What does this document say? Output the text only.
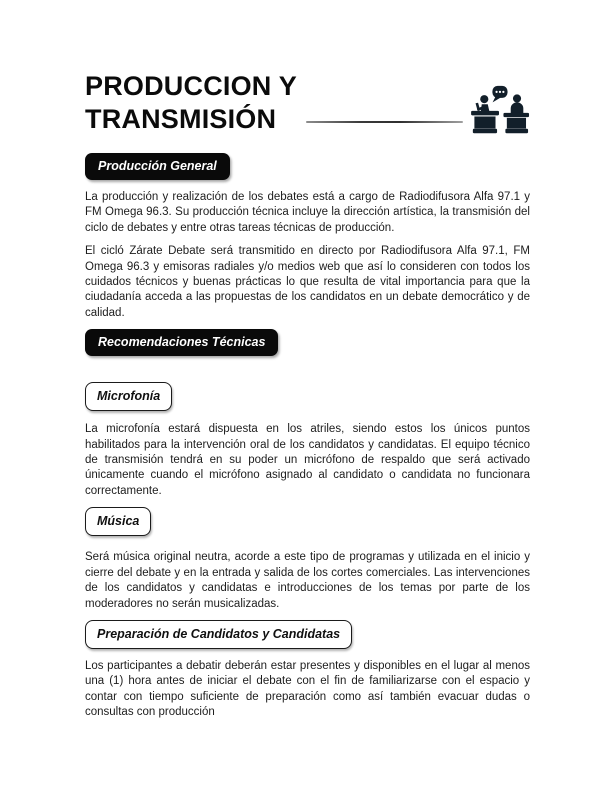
PRODUCCION Y
TRANSMISIÓN
Producción General

La producción y realización de los debates está a cargo de Radiodifusora Alfa 97.1 y FM Omega 96.3. Su producción técnica incluye la dirección artística, la transmisión del ciclo de debates y entre otras tareas técnicas de producción.

El cicló Zárate Debate será transmitido en directo por Radiodifusora Alfa 97.1, FM Omega 96.3 y emisoras radiales y/o medios web que así lo consideren con todos los cuidados técnicos y buenas prácticas lo que resulta de vital importancia para que la ciudadanía acceda a las propuestas de los candidatos en un debate democrático y de calidad.

Recomendaciones Técnicas
Microfonía

La microfonía estará dispuesta en los atriles, siendo estos los únicos puntos habilitados para la intervención oral de los candidatos y candidatas. El equipo técnico de transmisión tendrá en su poder un micrófono de respaldo que será activado únicamente cuando el micrófono asignado al candidato o candidata no funcionara correctamente.

Música

Será música original neutra, acorde a este tipo de programas y utilizada en el inicio y cierre del debate y en la entrada y salida de los cortes comerciales. Las intervenciones de los candidatos y candidatas e introducciones de los temas por parte de los moderadores no serán musicalizadas.

Preparación de Candidatos y Candidatas

Los participantes a debatir deberán estar presentes y disponibles en el lugar al menos una (1) hora antes de iniciar el debate con el fin de familiarizarse con el espacio y contar con tiempo suficiente de preparación como así también evacuar dudas o consultas con producción
